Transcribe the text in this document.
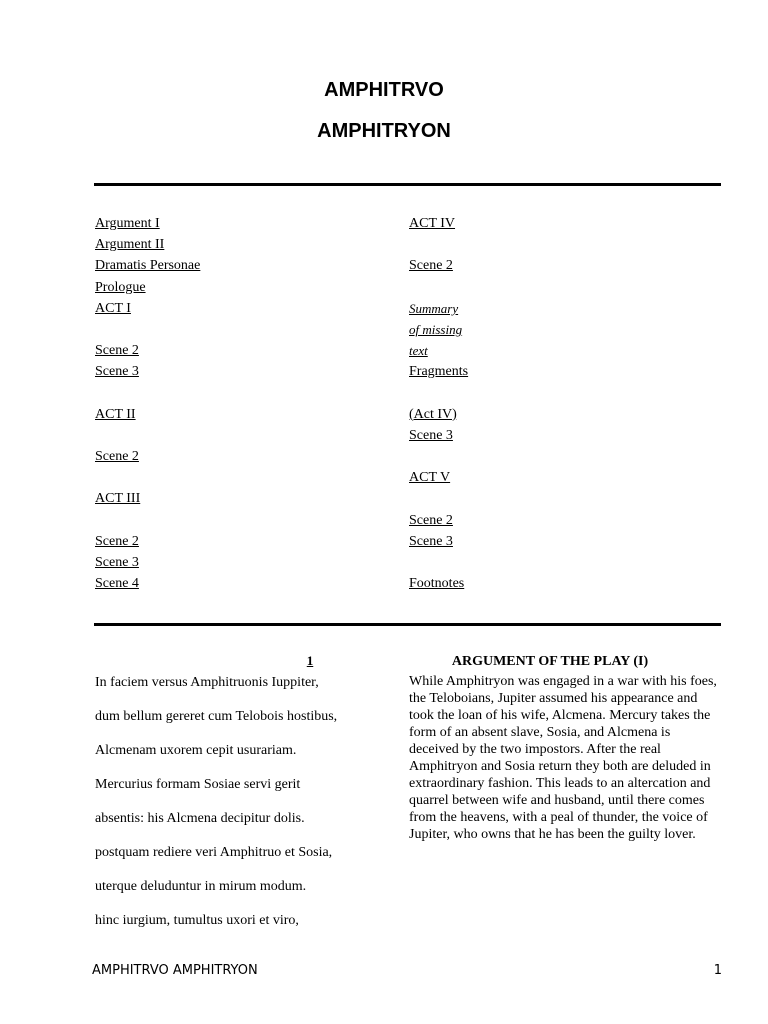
AMPHITRVO
AMPHITRYON
Argument I
Argument II
Dramatis Personae
Prologue
ACT I
Scene 2
Scene 3
ACT II
Scene 2
ACT III
Scene 2
Scene 3
Scene 4
ACT IV
Scene 2
Summary
of missing
text
Fragments
(Act IV)
Scene 3
ACT V
Scene 2
Scene 3
Footnotes
1
In faciem versus Amphitruonis Iuppiter,
dum bellum gereret cum Telobois hostibus,
Alcmenam uxorem cepit usurariam.
Mercurius formam Sosiae servi gerit
absentis: his Alcmena decipitur dolis.
postquam rediere veri Amphitruo et Sosia,
uterque deluduntur in mirum modum.
hinc iurgium, tumultus uxori et viro,
ARGUMENT OF THE PLAY (I)
While Amphitryon was engaged in a war with his foes, the Teloboians, Jupiter assumed his appearance and took the loan of his wife, Alcmena. Mercury takes the form of an absent slave, Sosia, and Alcmena is deceived by the two impostors. After the real Amphitryon and Sosia return they both are deluded in extraordinary fashion. This leads to an altercation and quarrel between wife and husband, until there comes from the heavens, with a peal of thunder, the voice of Jupiter, who owns that he has been the guilty lover.
AMPHITRVO AMPHITRYON	1
